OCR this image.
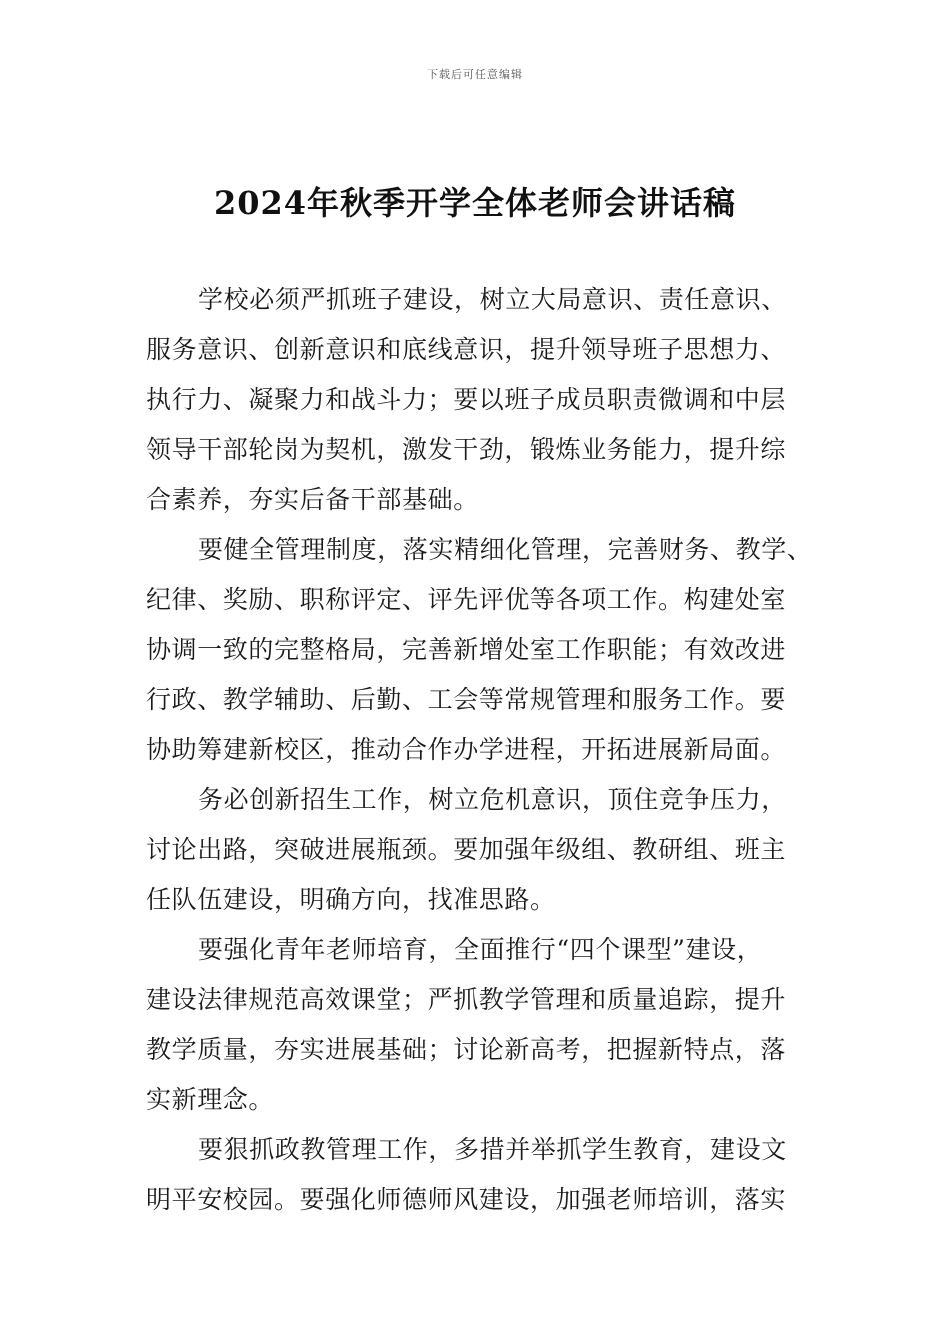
下载后可任意编辑
2024年秋季开学全体老师会讲话稿
学校必须严抓班子建设，树立大局意识、责任意识、
服务意识、创新意识和底线意识，提升领导班子思想力、
执行力、凝聚力和战斗力；要以班子成员职责微调和中层
领导干部轮岗为契机，激发干劲，锻炼业务能力，提升综
合素养，夯实后备干部基础。
要健全管理制度，落实精细化管理，完善财务、教学、
纪律、奖励、职称评定、评先评优等各项工作。构建处室
协调一致的完整格局，完善新增处室工作职能；有效改进
行政、教学辅助、后勤、工会等常规管理和服务工作。要
协助筹建新校区，推动合作办学进程，开拓进展新局面。
务必创新招生工作，树立危机意识，顶住竞争压力，
讨论出路，突破进展瓶颈。要加强年级组、教研组、班主
任队伍建设，明确方向，找准思路。
要强化青年老师培育，全面推行“四个课型”建设，
建设法律规范高效课堂；严抓教学管理和质量追踪，提升
教学质量，夯实进展基础；讨论新高考，把握新特点，落
实新理念。
要狠抓政教管理工作，多措并举抓学生教育，建设文
明平安校园。要强化师德师风建设，加强老师培训，落实
